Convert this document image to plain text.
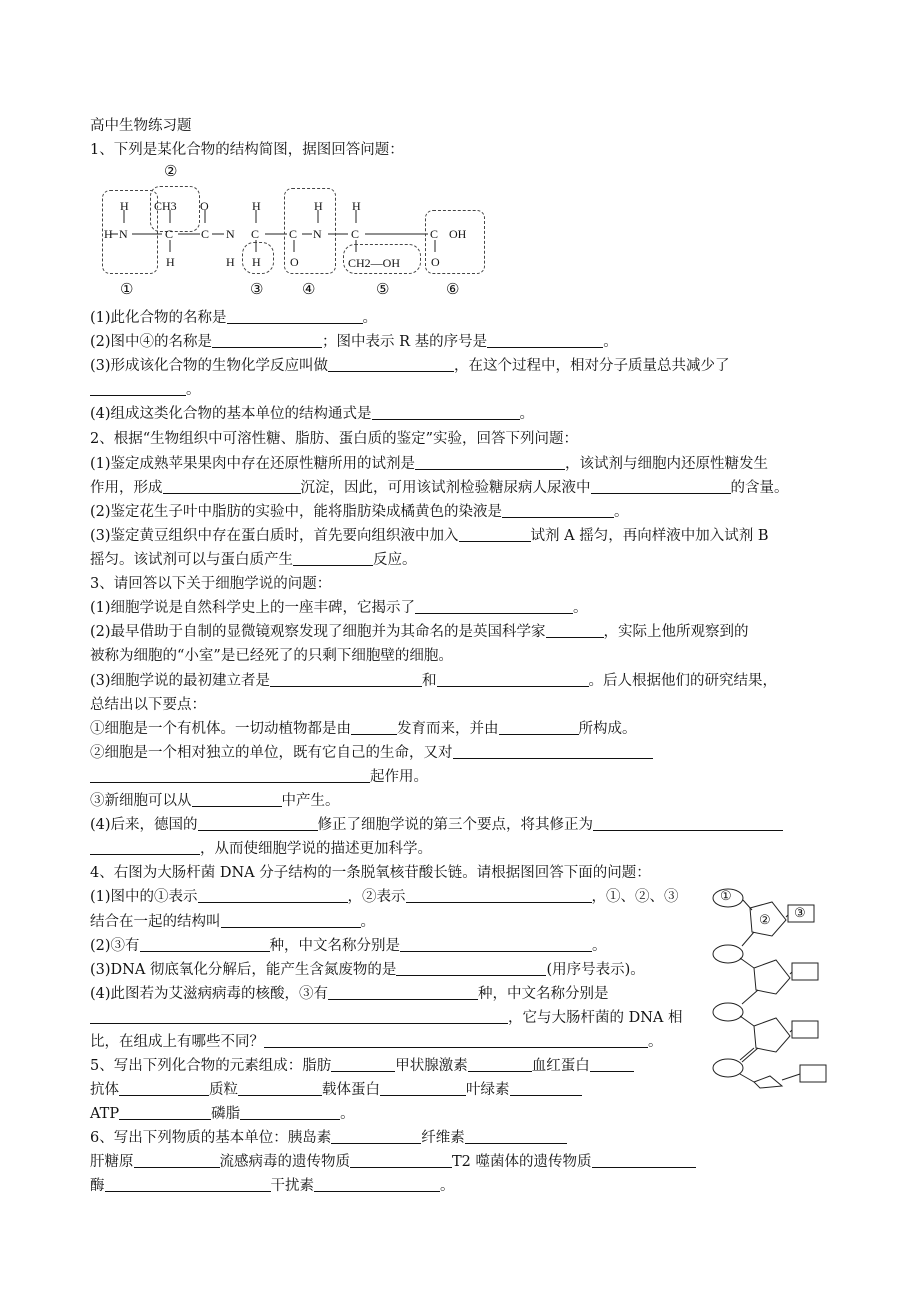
高中生物练习题
1、下列是某化合物的结构简图，据图回答问题：
H
H N
CH3
C
H
O
C N
H
H
C
H
C
O
H
N
H
C
CH2—OH
C OH
O
②
①	③	④	⑤	⑥
(1)此化合物的名称是	。
(2)图中④的名称是	；图中表示 R 基的序号是	。
(3)形成该化合物的生物化学反应叫做	，在这个过程中，相对分子质量总共减少了
。
(4)组成这类化合物的基本单位的结构通式是	。
2、根据“生物组织中可溶性糖、脂肪、蛋白质的鉴定”实验，回答下列问题：
(1)鉴定成熟苹果果肉中存在还原性糖所用的试剂是	，该试剂与细胞内还原性糖发生
作用，形成	沉淀，因此，可用该试剂检验糖尿病人尿液中	的含量。
(2)鉴定花生子叶中脂肪的实验中，能将脂肪染成橘黄色的染液是	。
(3)鉴定黄豆组织中存在蛋白质时，首先要向组织液中加入	试剂 A 摇匀，再向样液中加入试剂 B
摇匀。该试剂可以与蛋白质产生	反应。
3、请回答以下关于细胞学说的问题：
(1)细胞学说是自然科学史上的一座丰碑，它揭示了	。
(2)最早借助于自制的显微镜观察发现了细胞并为其命名的是英国科学家	，实际上他所观察到的
被称为细胞的“小室”是已经死了的只剩下细胞壁的细胞。
(3)细胞学说的最初建立者是	和	。后人根据他们的研究结果，
总结出以下要点：
①细胞是一个有机体。一切动植物都是由	发育而来，并由	所构成。
②细胞是一个相对独立的单位，既有它自己的生命，又对
起作用。
③新细胞可以从	中产生。
(4)后来，德国的	修正了细胞学说的第三个要点，将其修正为
，从而使细胞学说的描述更加科学。
4、右图为大肠杆菌 DNA 分子结构的一条脱氧核苷酸长链。请根据图回答下面的问题：
(1)图中的①表示	，②表示	，①、②、③
结合在一起的结构叫	。
(2)③有	种，中文名称分别是	。
(3)DNA 彻底氧化分解后，能产生含氮废物的是	(用序号表示)。
(4)此图若为艾滋病病毒的核酸，③有	种，中文名称分别是
，它与大肠杆菌的 DNA 相
比，在组成上有哪些不同？	。
①
② ③
5、写出下列化合物的元素组成：脂肪	甲状腺激素	血红蛋白
抗体	质粒	载体蛋白	叶绿素
ATP	磷脂	。
6、写出下列物质的基本单位：胰岛素	纤维素
肝糖原	流感病毒的遗传物质	T2 噬菌体的遗传物质
酶	干扰素	。
